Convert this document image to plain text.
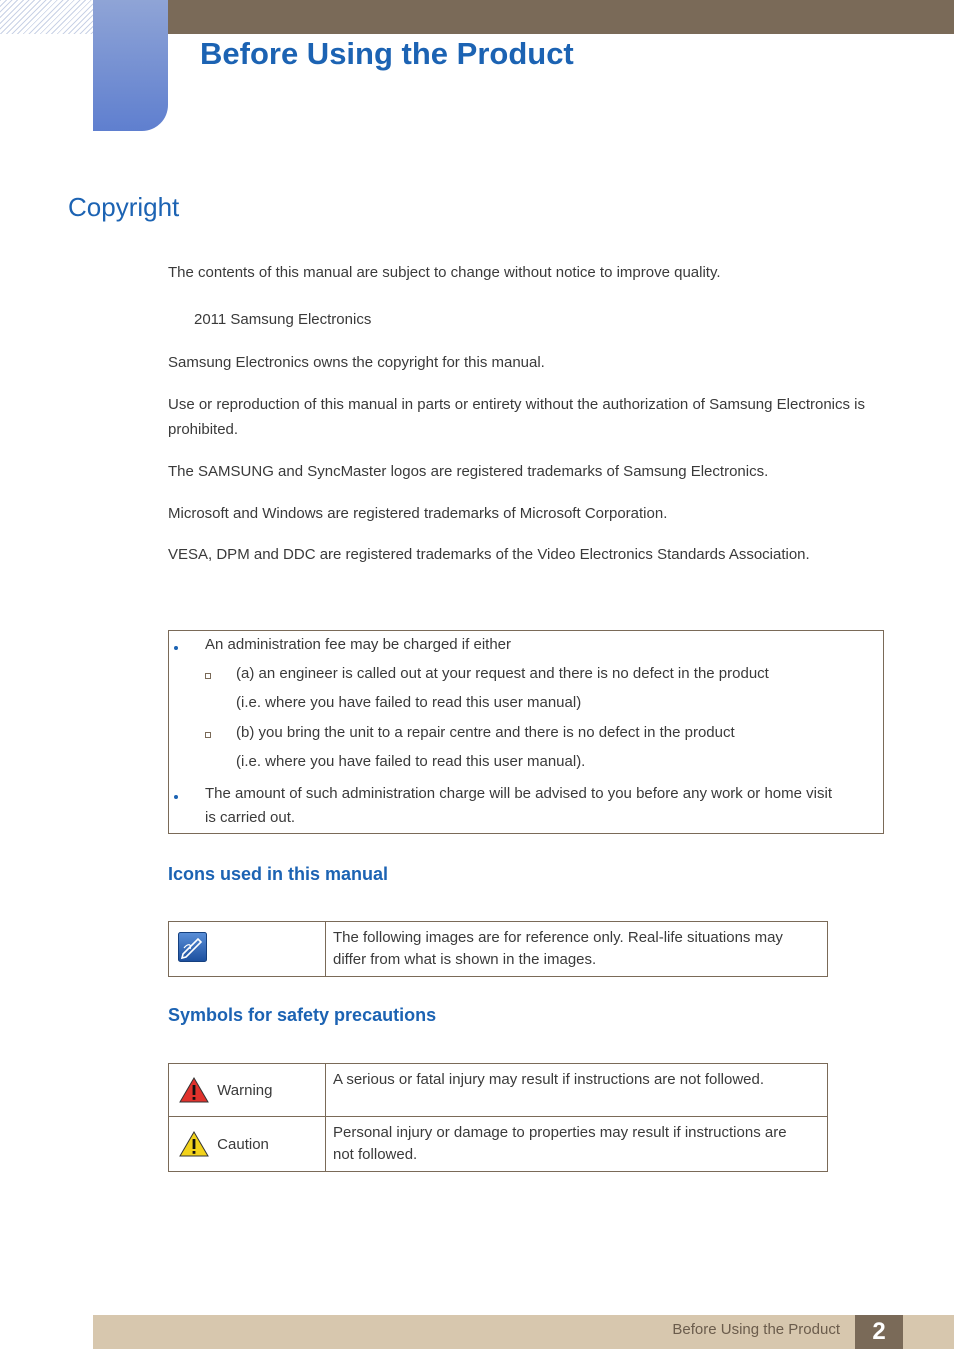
Before Using the Product
Copyright

The contents of this manual are subject to change without notice to improve quality.

2011 Samsung Electronics

Samsung Electronics owns the copyright for this manual.

Use or reproduction of this manual in parts or entirety without the authorization of Samsung Electronics is prohibited.

The SAMSUNG and SyncMaster logos are registered trademarks of Samsung Electronics.

Microsoft and Windows are registered trademarks of Microsoft Corporation.

VESA, DPM and DDC are registered trademarks of the Video Electronics Standards Association.

An administration fee may be charged if either

(a) an engineer is called out at your request and there is no defect in the product

(i.e. where you have failed to read this user manual)

(b) you bring the unit to a repair centre and there is no defect in the product

(i.e. where you have failed to read this user manual).

The amount of such administration charge will be advised to you before any work or home visit

is carried out.

Icons used in this manual
	The following images are for reference only. Real-life situations may
differ from what is shown in the images.
Symbols for safety precautions
Warning	A serious or fatal injury may result if instructions are not followed.
Caution	Personal injury or damage to properties may result if instructions are
not followed.

Before Using the Product	2
